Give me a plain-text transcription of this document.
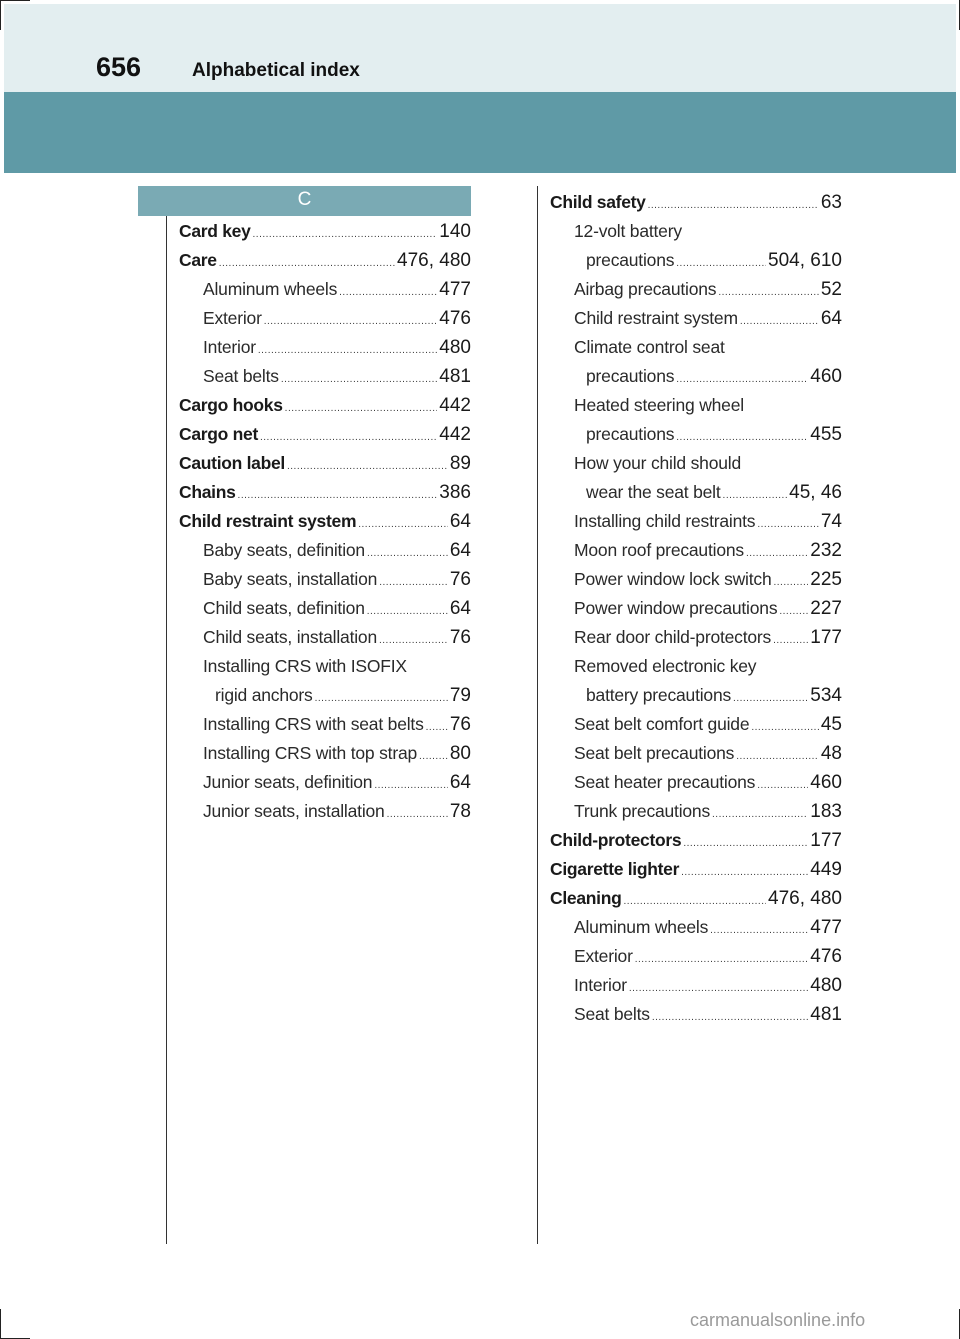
656	Alphabetical index
C
Card key .....	140
Care .....	476, 480
Aluminum wheels .....	477
Exterior .....	476
Interior .....	480
Seat belts .....	481
Cargo hooks .....	442
Cargo net .....	442
Caution label .....	89
Chains .....	386
Child restraint system .....	64
Baby seats, definition .....	64
Baby seats, installation .....	76
Child seats, definition .....	64
Child seats, installation .....	76
Installing CRS with ISOFIX
rigid anchors .....	79
Installing CRS with seat belts ..... 76
Installing CRS with top strap ..... 80
Junior seats, definition .....	64
Junior seats, installation .....	78
Child safety .....	63
12-volt battery
precautions .....	504, 610
Airbag precautions .....	52
Child restraint system .....	64
Climate control seat
precautions .....	460
Heated steering wheel
precautions .....	455
How your child should
wear the seat belt .....	45, 46
Installing child restraints .....	74
Moon roof precautions .....	232
Power window lock switch ..... 225
Power window precautions ..... 227
Rear door child-protectors ..... 177
Removed electronic key
battery precautions .....	534
Seat belt comfort guide .....	45
Seat belt precautions .....	48
Seat heater precautions .....	460
Trunk precautions .....	183
Child-protectors .....	177
Cigarette lighter .....	449
Cleaning .....	476, 480
Aluminum wheels .....	477
Exterior .....	476
Interior .....	480
Seat belts .....	481
carmanualsonline.info
